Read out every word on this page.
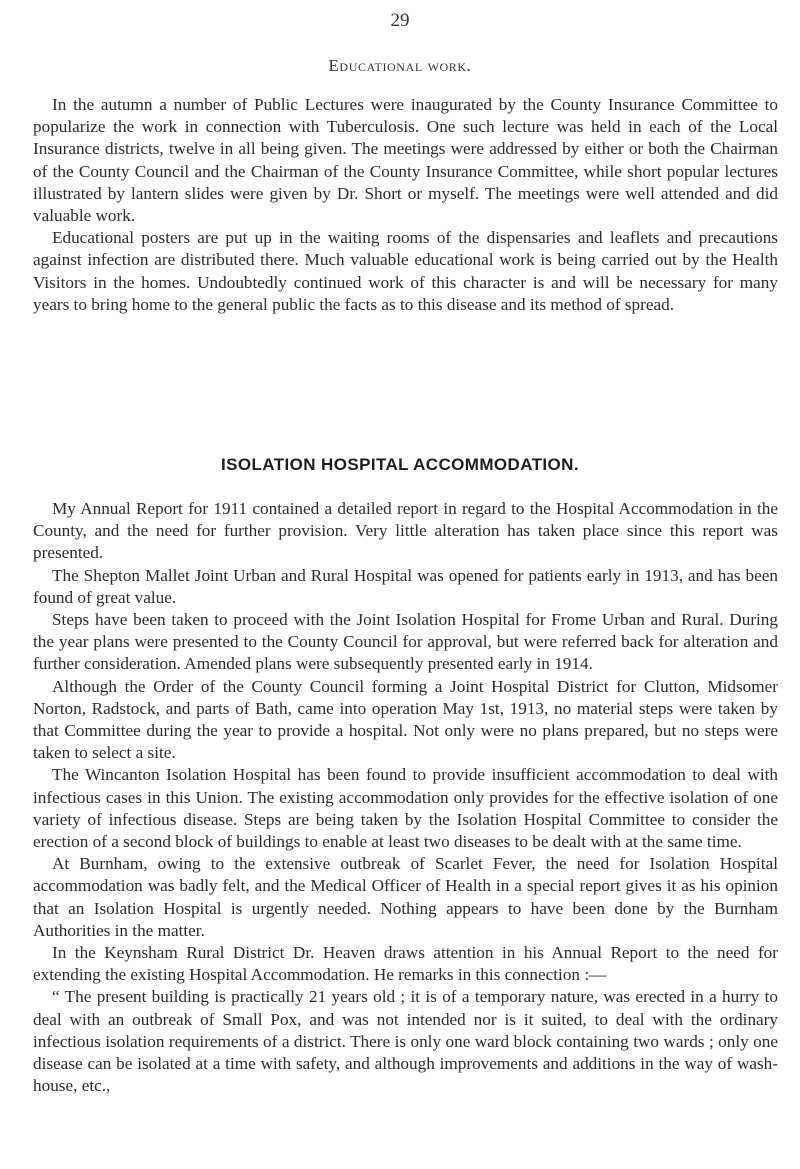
29
Educational work.

In the autumn a number of Public Lectures were inaugurated by the County Insurance Committee to popularize the work in connection with Tuberculosis. One such lecture was held in each of the Local Insurance districts, twelve in all being given. The meetings were addressed by either or both the Chairman of the County Council and the Chairman of the County Insurance Committee, while short popular lectures illustrated by lantern slides were given by Dr. Short or myself. The meetings were well attended and did valuable work.

Educational posters are put up in the waiting rooms of the dispensaries and leaflets and precautions against infection are distributed there. Much valuable educational work is being carried out by the Health Visitors in the homes. Undoubtedly continued work of this character is and will be necessary for many years to bring home to the general public the facts as to this disease and its method of spread.

ISOLATION HOSPITAL ACCOMMODATION.

My Annual Report for 1911 contained a detailed report in regard to the Hospital Accommodation in the County, and the need for further provision. Very little alteration has taken place since this report was presented.

The Shepton Mallet Joint Urban and Rural Hospital was opened for patients early in 1913, and has been found of great value.

Steps have been taken to proceed with the Joint Isolation Hospital for Frome Urban and Rural. During the year plans were presented to the County Council for approval, but were referred back for alteration and further consideration. Amended plans were subsequently presented early in 1914.

Although the Order of the County Council forming a Joint Hospital District for Clutton, Midsomer Norton, Radstock, and parts of Bath, came into operation May 1st, 1913, no material steps were taken by that Committee during the year to provide a hospital. Not only were no plans prepared, but no steps were taken to select a site.

The Wincanton Isolation Hospital has been found to provide insufficient accommodation to deal with infectious cases in this Union. The existing accommodation only provides for the effective isolation of one variety of infectious disease. Steps are being taken by the Isolation Hospital Committee to consider the erection of a second block of buildings to enable at least two diseases to be dealt with at the same time.

At Burnham, owing to the extensive outbreak of Scarlet Fever, the need for Isolation Hospital accommodation was badly felt, and the Medical Officer of Health in a special report gives it as his opinion that an Isolation Hospital is urgently needed. Nothing appears to have been done by the Burnham Authorities in the matter.

In the Keynsham Rural District Dr. Heaven draws attention in his Annual Report to the need for extending the existing Hospital Accommodation. He remarks in this connection :—

“ The present building is practically 21 years old ; it is of a temporary nature, was erected in a hurry to deal with an outbreak of Small Pox, and was not intended nor is it suited, to deal with the ordinary infectious isolation requirements of a district. There is only one ward block containing two wards ; only one disease can be isolated at a time with safety, and although improvements and additions in the way of wash-house, etc.,
